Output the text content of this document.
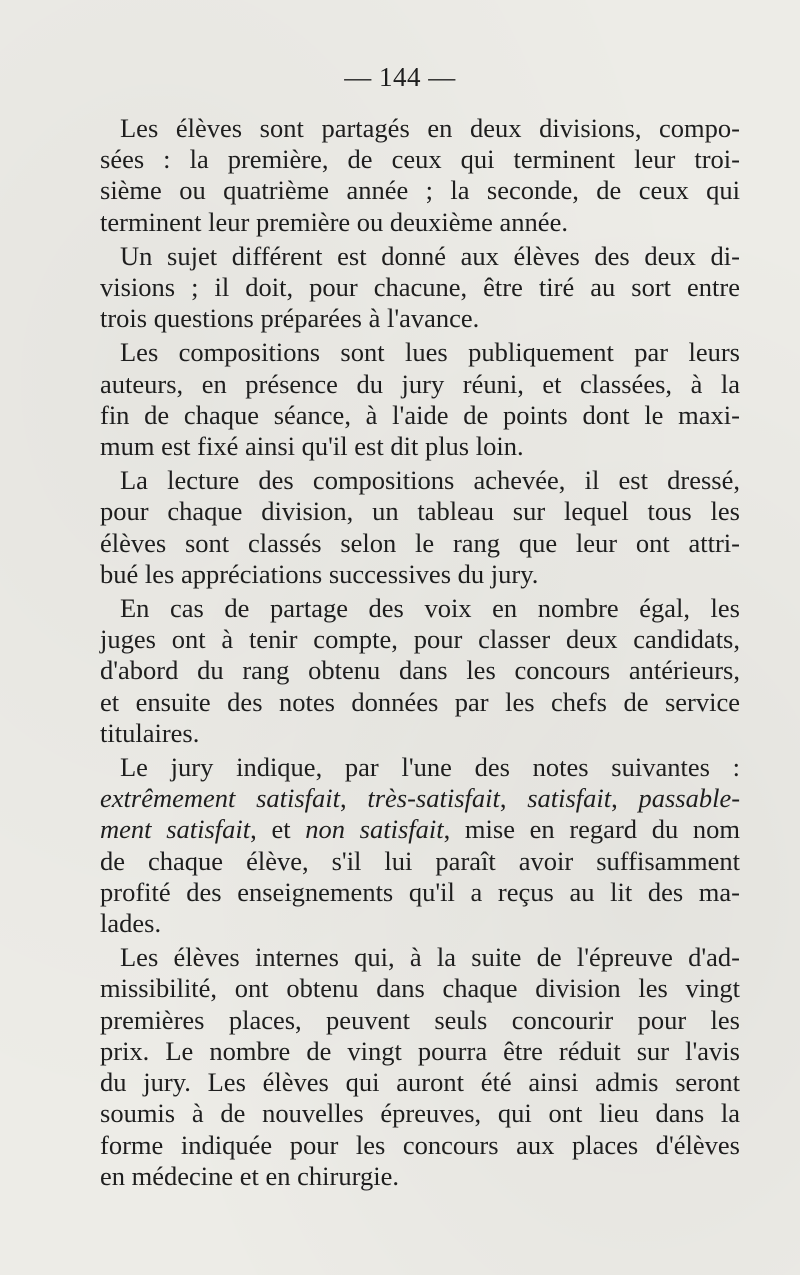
— 144 —
Les élèves sont partagés en deux divisions, compo-
sées : la première, de ceux qui terminent leur troi-
sième ou quatrième année ; la seconde, de ceux qui
terminent leur première ou deuxième année.
Un sujet différent est donné aux élèves des deux di-
visions ; il doit, pour chacune, être tiré au sort entre
trois questions préparées à l'avance.
Les compositions sont lues publiquement par leurs
auteurs, en présence du jury réuni, et classées, à la
fin de chaque séance, à l'aide de points dont le maxi-
mum est fixé ainsi qu'il est dit plus loin.
La lecture des compositions achevée, il est dressé,
pour chaque division, un tableau sur lequel tous les
élèves sont classés selon le rang que leur ont attri-
bué les appréciations successives du jury.
En cas de partage des voix en nombre égal, les
juges ont à tenir compte, pour classer deux candidats,
d'abord du rang obtenu dans les concours antérieurs,
et ensuite des notes données par les chefs de service
titulaires.
Le jury indique, par l'une des notes suivantes :
extrêmement satisfait, très-satisfait, satisfait, passable-
ment satisfait, et non satisfait, mise en regard du nom
de chaque élève, s'il lui paraît avoir suffisamment
profité des enseignements qu'il a reçus au lit des ma-
lades.
Les élèves internes qui, à la suite de l'épreuve d'ad-
missibilité, ont obtenu dans chaque division les vingt
premières places, peuvent seuls concourir pour les
prix. Le nombre de vingt pourra être réduit sur l'avis
du jury. Les élèves qui auront été ainsi admis seront
soumis à de nouvelles épreuves, qui ont lieu dans la
forme indiquée pour les concours aux places d'élèves
en médecine et en chirurgie.
